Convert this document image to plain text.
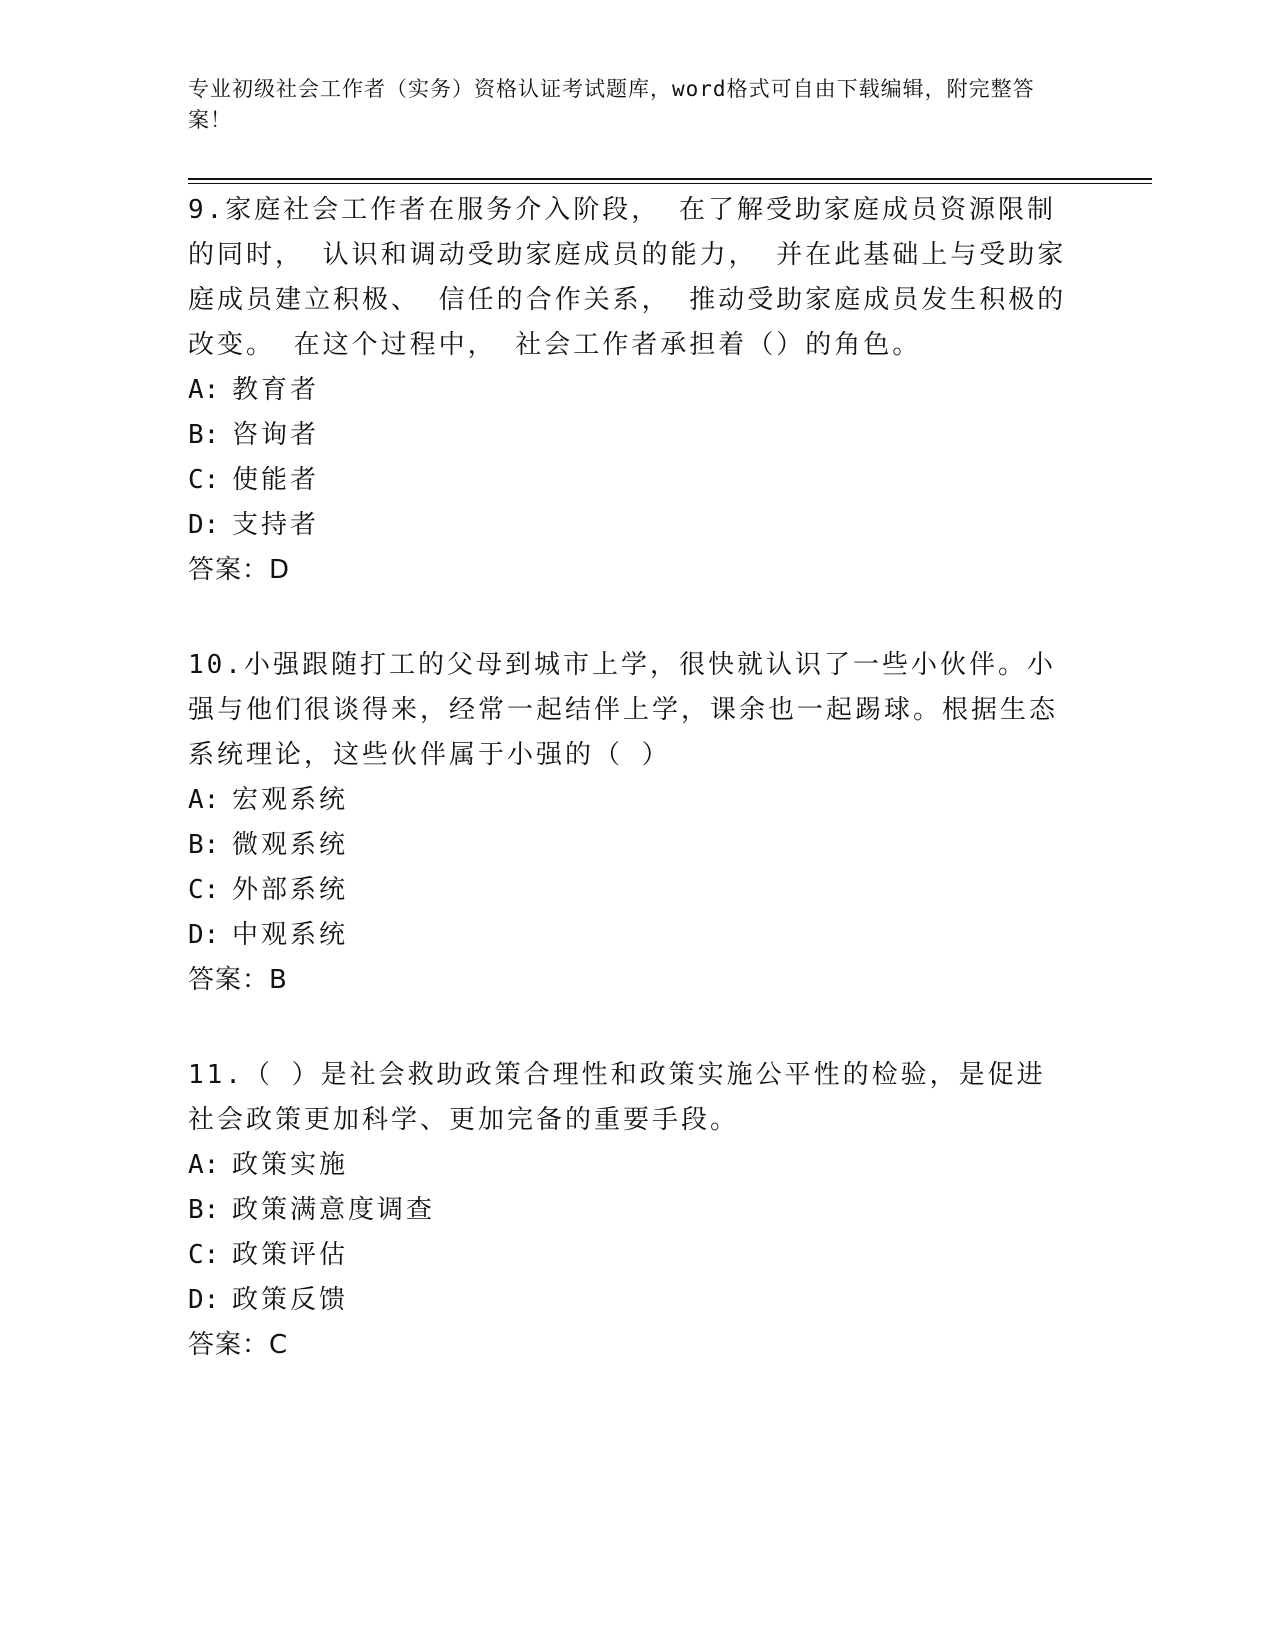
专业初级社会工作者（实务）资格认证考试题库，word格式可自由下载编辑，附完整答案！

9.家庭社会工作者在服务介入阶段， 在了解受助家庭成员资源限制的同时， 认识和调动受助家庭成员的能力， 并在此基础上与受助家庭成员建立积极、 信任的合作关系， 推动受助家庭成员发生积极的改变。 在这个过程中， 社会工作者承担着（）的角色。

A: 教育者

B: 咨询者

C: 使能者

D: 支持者

答案：D

10.小强跟随打工的父母到城市上学，很快就认识了一些小伙伴。小强与他们很谈得来，经常一起结伴上学，课余也一起踢球。根据生态系统理论，这些伙伴属于小强的（ ）

A: 宏观系统

B: 微观系统

C: 外部系统

D: 中观系统

答案：B

11.（ ）是社会救助政策合理性和政策实施公平性的检验，是促进社会政策更加科学、更加完备的重要手段。

A: 政策实施

B: 政策满意度调查

C: 政策评估

D: 政策反馈

答案：C
